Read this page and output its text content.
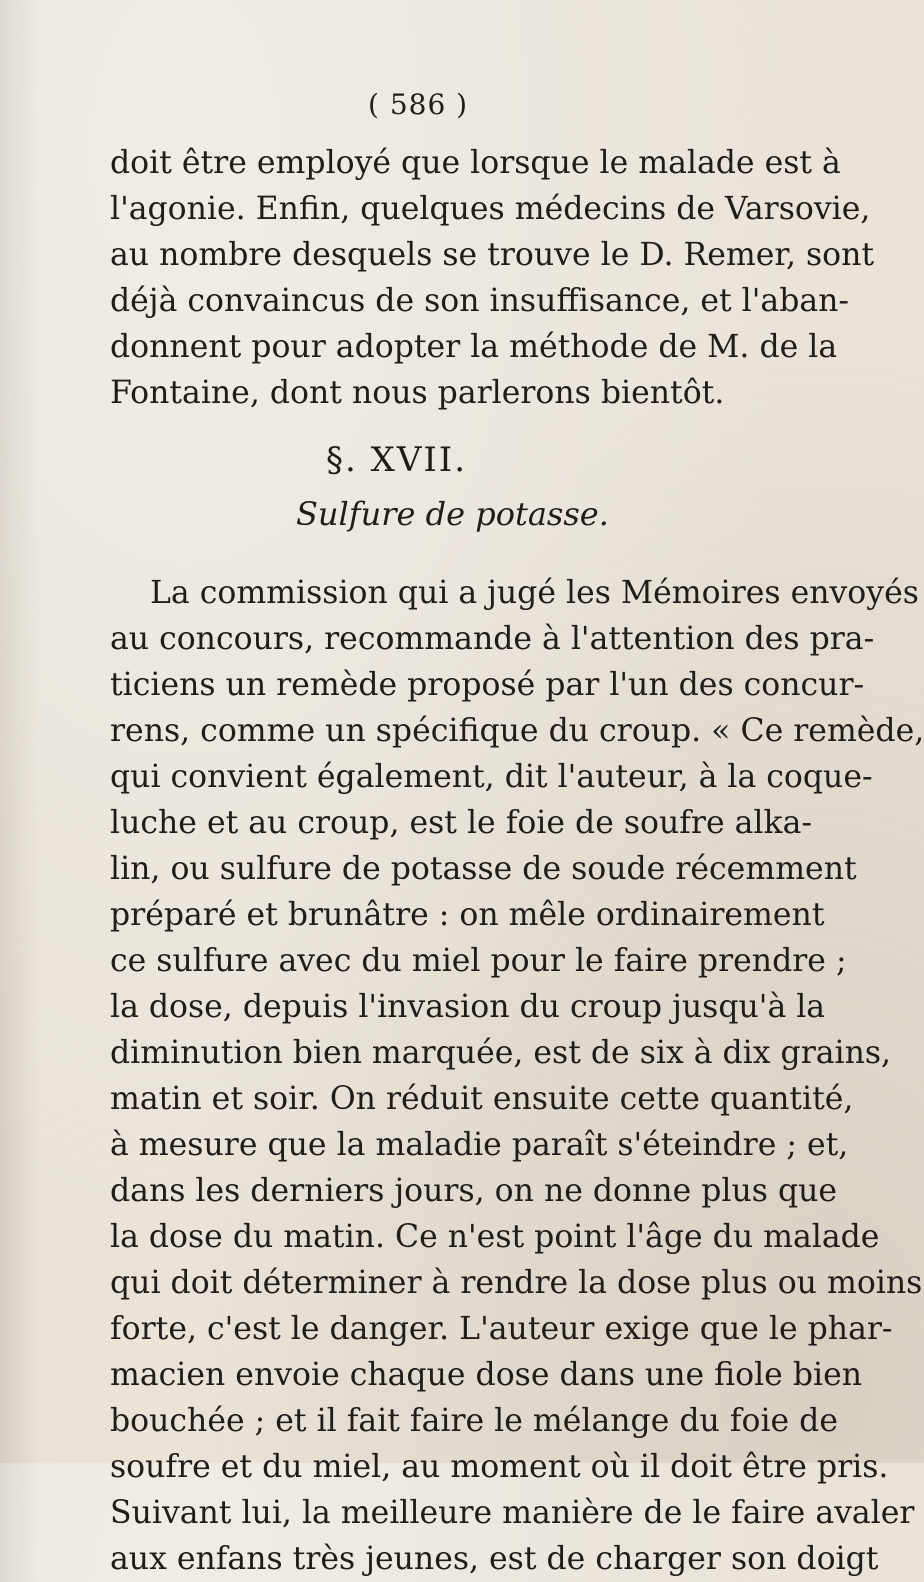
( 586 )
doit être employé que lorsque le malade est à
l'agonie. Enfin, quelques médecins de Varsovie,
au nombre desquels se trouve le D. Remer, sont
déjà convaincus de son insuffisance, et l'aban-
donnent pour adopter la méthode de M. de la
Fontaine, dont nous parlerons bientôt.
§. XVII.
Sulfure de potasse.
La commission qui a jugé les Mémoires envoyés
au concours, recommande à l'attention des pra-
ticiens un remède proposé par l'un des concur-
rens, comme un spécifique du croup. « Ce remède,
qui convient également, dit l'auteur, à la coque-
luche et au croup, est le foie de soufre alka-
lin, ou sulfure de potasse de soude récemment
préparé et brunâtre : on mêle ordinairement
ce sulfure avec du miel pour le faire prendre ;
la dose, depuis l'invasion du croup jusqu'à la
diminution bien marquée, est de six à dix grains,
matin et soir. On réduit ensuite cette quantité,
à mesure que la maladie paraît s'éteindre ; et,
dans les derniers jours, on ne donne plus que
la dose du matin. Ce n'est point l'âge du malade
qui doit déterminer à rendre la dose plus ou moins
forte, c'est le danger. L'auteur exige que le phar-
macien envoie chaque dose dans une fiole bien
bouchée ; et il fait faire le mélange du foie de
soufre et du miel, au moment où il doit être pris.
Suivant lui, la meilleure manière de le faire avaler
aux enfans très jeunes, est de charger son doigt
